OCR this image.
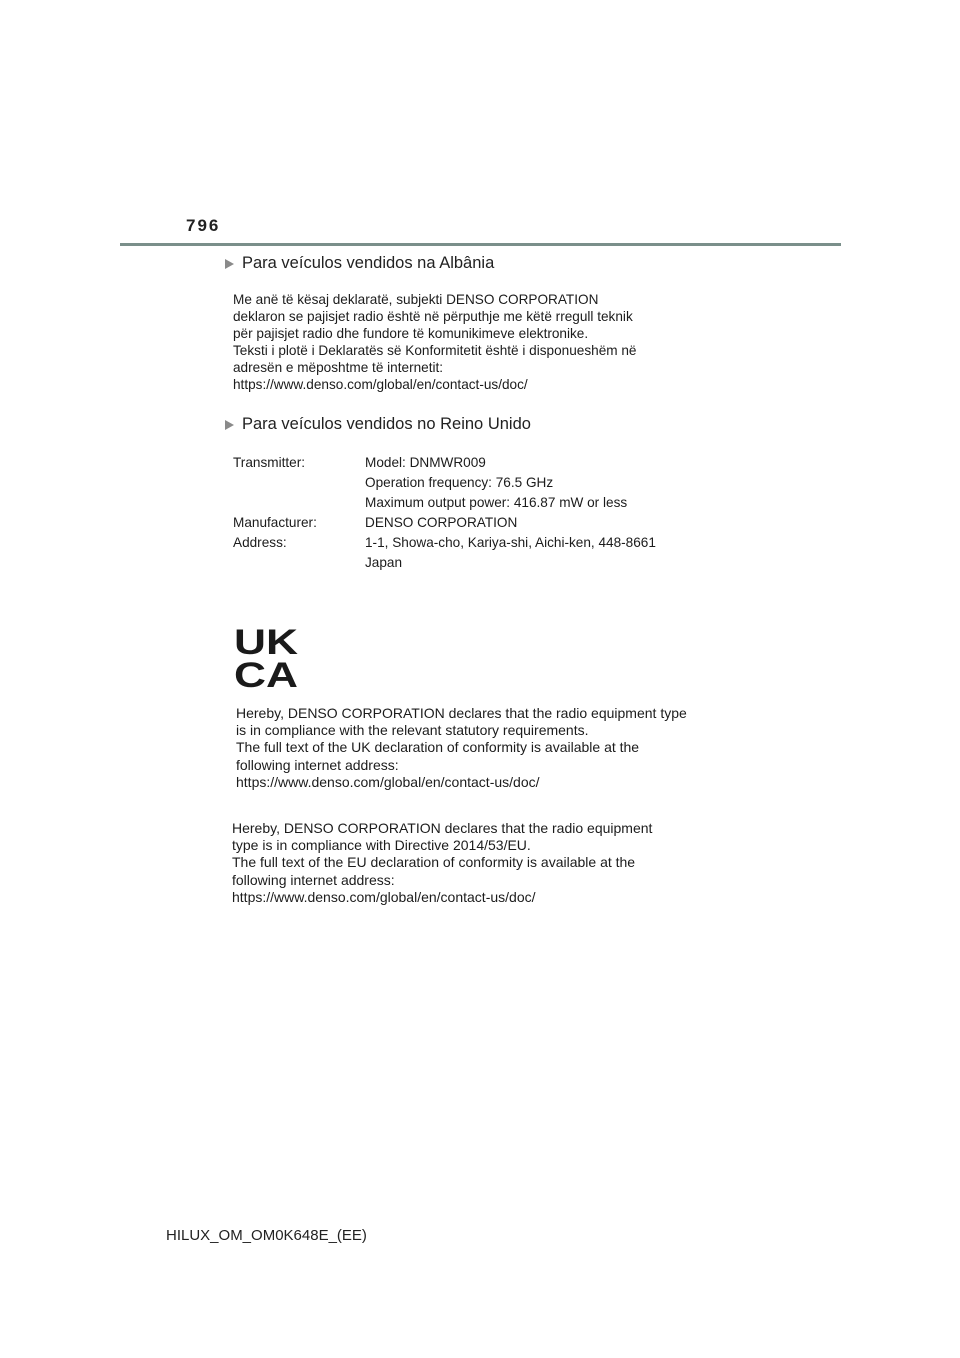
796
Para veículos vendidos na Albânia
Me anë të kësaj deklaratë, subjekti DENSO CORPORATION
deklaron se pajisjet radio është në përputhje me këtë rregull teknik
për pajisjet radio dhe fundore të komunikimeve elektronike.
Teksti i plotë i Deklaratës së Konformitetit është i disponueshëm në
adresën e mëposhtme të internetit:
https://www.denso.com/global/en/contact-us/doc/
Para veículos vendidos no Reino Unido
Transmitter:	Model: DNMWR009
Operation frequency: 76.5 GHz
Maximum output power: 416.87 mW or less
Manufacturer:	DENSO CORPORATION
Address:	1-1, Showa-cho, Kariya-shi, Aichi-ken, 448-8661
Japan
UK
CA
Hereby, DENSO CORPORATION declares that the radio equipment type
is in compliance with the relevant statutory requirements.
The full text of the UK declaration of conformity is available at the
following internet address:
https://www.denso.com/global/en/contact-us/doc/
Hereby, DENSO CORPORATION declares that the radio equipment
type is in compliance with Directive 2014/53/EU.
The full text of the EU declaration of conformity is available at the
following internet address:
https://www.denso.com/global/en/contact-us/doc/
HILUX_OM_OM0K648E_(EE)
